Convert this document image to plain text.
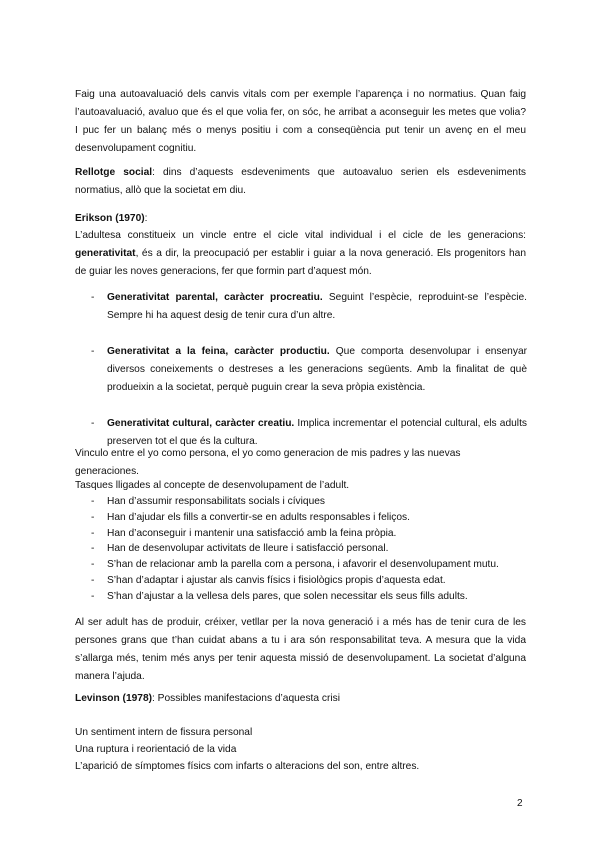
Faig una autoavaluació dels canvis vitals com per exemple l’aparença i no normatius. Quan faig l’autoavaluació, avaluo que és el que volia fer, on sóc, he arribat a aconseguir les metes que volia? I puc fer un balanç més o menys positiu i com a conseqüència put tenir un avenç en el meu desenvolupament cognitiu.

Rellotge social: dins d’aquests esdeveniments que autoavaluo serien els esdeveniments normatius, allò que la societat em diu.

Erikson (1970):

L’adultesa constitueix un vincle entre el cicle vital individual i el cicle de les generacions: generativitat, és a dir, la preocupació per establir i guiar a la nova generació. Els progenitors han de guiar les noves generacions, fer que formin part d’aquest món.

- Generativitat parental, caràcter procreatiu. Seguint l’espècie, reproduint-se l’espècie. Sempre hi ha aquest desig de tenir cura d’un altre.
- Generativitat a la feina, caràcter productiu. Que comporta desenvolupar i ensenyar diversos coneixements o destreses a les generacions següents. Amb la finalitat de què produeixin a la societat, perquè puguin crear la seva pròpia existència.
- Generativitat cultural, caràcter creatiu. Implica incrementar el potencial cultural, els adults preserven tot el que és la cultura.

Vinculo entre el yo como persona, el yo como generacion de mis padres y las nuevas generaciones.

Tasques lligades al concepte de desenvolupament de l’adult.

- Han d’assumir responsabilitats socials i cíviques
- Han d’ajudar els fills a convertir-se en adults responsables i feliços.
- Han d’aconseguir i mantenir una satisfacció amb la feina pròpia.
- Han de desenvolupar activitats de lleure i satisfacció personal.
- S’han de relacionar amb la parella com a persona, i afavorir el desenvolupament mutu.
- S’han d’adaptar i ajustar als canvis físics i fisiològics propis d’aquesta edat.
- S’han d’ajustar a la vellesa dels pares, que solen necessitar els seus fills adults.

Al ser adult has de produir, créixer, vetllar per la nova generació i a més has de tenir cura de les persones grans que t’han cuidat abans a tu i ara són responsabilitat teva. A mesura que la vida s’allarga més, tenim més anys per tenir aquesta missió de desenvolupament. La societat d’alguna manera l’ajuda.

Levinson (1978): Possibles manifestacions d’aquesta crisi

Un sentiment intern de fissura personal

Una ruptura i reorientació de la vida

L’aparició de símptomes físics com infarts o alteracions del son, entre altres.

2
